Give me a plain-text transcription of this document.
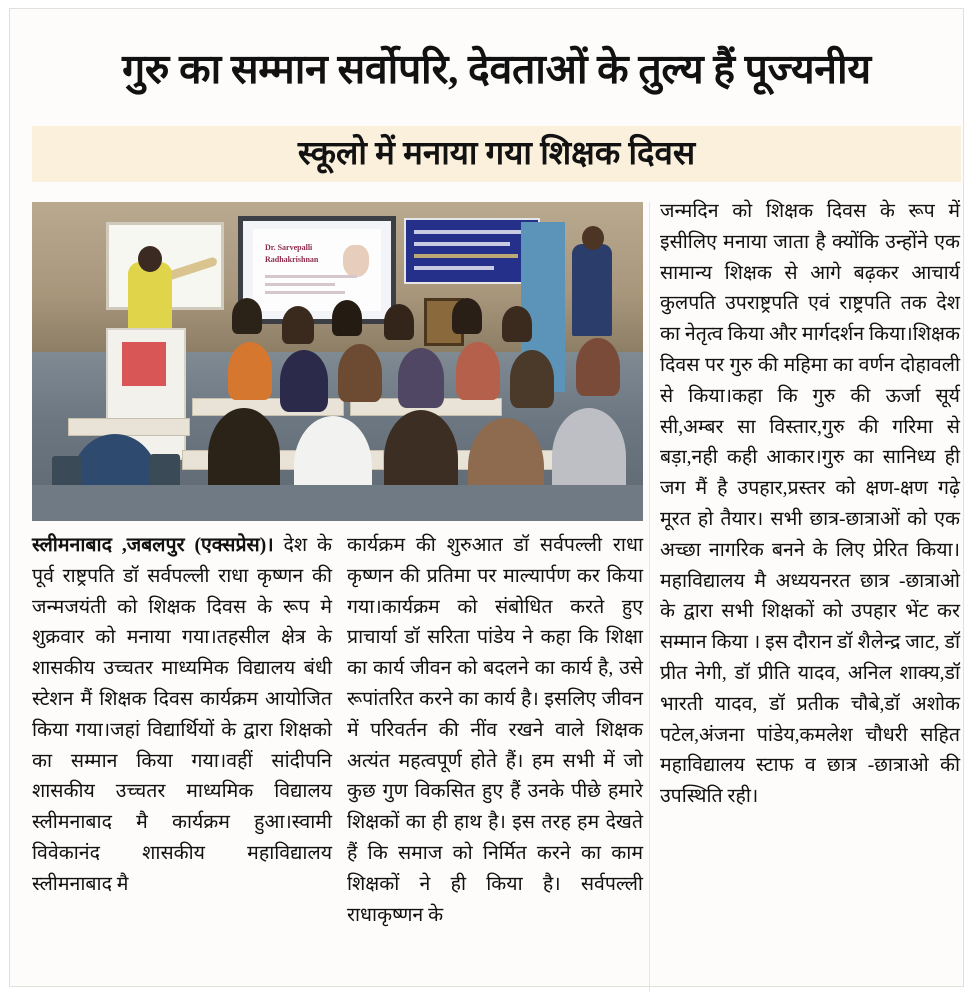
गुरु का सम्मान सर्वोपरि, देवताओं के तुल्य हैं पूज्यनीय
स्कूलो में मनाया गया शिक्षक दिवस
Dr. Sarvepalli
Radhakrishnan

स्लीमनाबाद ,जबलपुर (एक्सप्रेस)। देश के पूर्व राष्ट्रपति डॉ सर्वपल्ली राधा कृष्णन की जन्मजयंती को शिक्षक दिवस के रूप मे शुक्रवार को मनाया गया।तहसील क्षेत्र के शासकीय उच्चतर माध्यमिक विद्यालय बंधी स्टेशन मैं शिक्षक दिवस कार्यक्रम आयोजित किया गया।जहां विद्यार्थियों के द्वारा शिक्षको का सम्मान किया गया।वहीं सांदीपनि शासकीय उच्चतर माध्यमिक विद्यालय स्लीमनाबाद मै कार्यक्रम हुआ।स्वामी विवेकानंद शासकीय महाविद्यालय स्लीमनाबाद मै

कार्यक्रम की शुरुआत डॉ सर्वपल्ली राधा कृष्णन की प्रतिमा पर माल्यार्पण कर किया गया।कार्यक्रम को संबोधित करते हुए प्राचार्या डॉ सरिता पांडेय ने कहा कि शिक्षा का कार्य जीवन को बदलने का कार्य है, उसे रूपांतरित करने का कार्य है। इसलिए जीवन में परिवर्तन की नींव रखने वाले शिक्षक अत्यंत महत्वपूर्ण होते हैं। हम सभी में जो कुछ गुण विकसित हुए हैं उनके पीछे हमारे शिक्षकों का ही हाथ है। इस तरह हम देखते हैं कि समाज को निर्मित करने का काम शिक्षकों ने ही किया है। सर्वपल्ली राधाकृष्णन के

जन्मदिन को शिक्षक दिवस के रूप में इसीलिए मनाया जाता है क्योंकि उन्होंने एक सामान्य शिक्षक से आगे बढ़कर आचार्य कुलपति उपराष्ट्रपति एवं राष्ट्रपति तक देश का नेतृत्व किया और मार्गदर्शन किया।शिक्षक दिवस पर गुरु की महिमा का वर्णन दोहावली से किया।कहा कि गुरु की ऊर्जा सूर्य सी,अम्बर सा विस्तार,गुरु की गरिमा से बड़ा,नही कही आकार।गुरु का सानिध्य ही जग मैं है उपहार,प्रस्तर को क्षण-क्षण गढ़े मूरत हो तैयार। सभी छात्र-छात्राओं को एक अच्छा नागरिक बनने के लिए प्रेरित किया।महाविद्यालय मै अध्ययनरत छात्र -छात्राओ के द्वारा सभी शिक्षकों को उपहार भेंट कर सम्मान किया । इस दौरान डॉ शैलेन्द्र जाट, डॉ प्रीत नेगी, डॉ प्रीति यादव, अनिल शाक्य,डॉ भारती यादव, डॉ प्रतीक चौबे,डॉ अशोक पटेल,अंजना पांडेय,कमलेश चौधरी सहित महाविद्यालय स्टाफ व छात्र -छात्राओ की उपस्थिति रही।
